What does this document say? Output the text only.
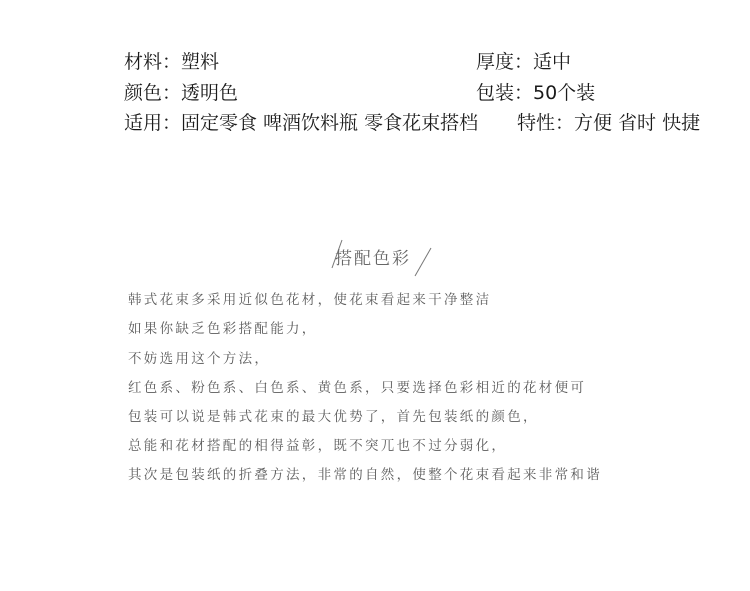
材料：塑料	厚度：适中
颜色：透明色	包装：50个装
适用：固定零食 啤酒饮料瓶 零食花束搭档 特性：方便 省时 快捷
搭配色彩
韩式花束多采用近似色花材，使花束看起来干净整洁
如果你缺乏色彩搭配能力，
不妨选用这个方法，
红色系、粉色系、白色系、黄色系，只要选择色彩相近的花材便可
包装可以说是韩式花束的最大优势了，首先包装纸的颜色，
总能和花材搭配的相得益彰，既不突兀也不过分弱化，
其次是包装纸的折叠方法，非常的自然，使整个花束看起来非常和谐
